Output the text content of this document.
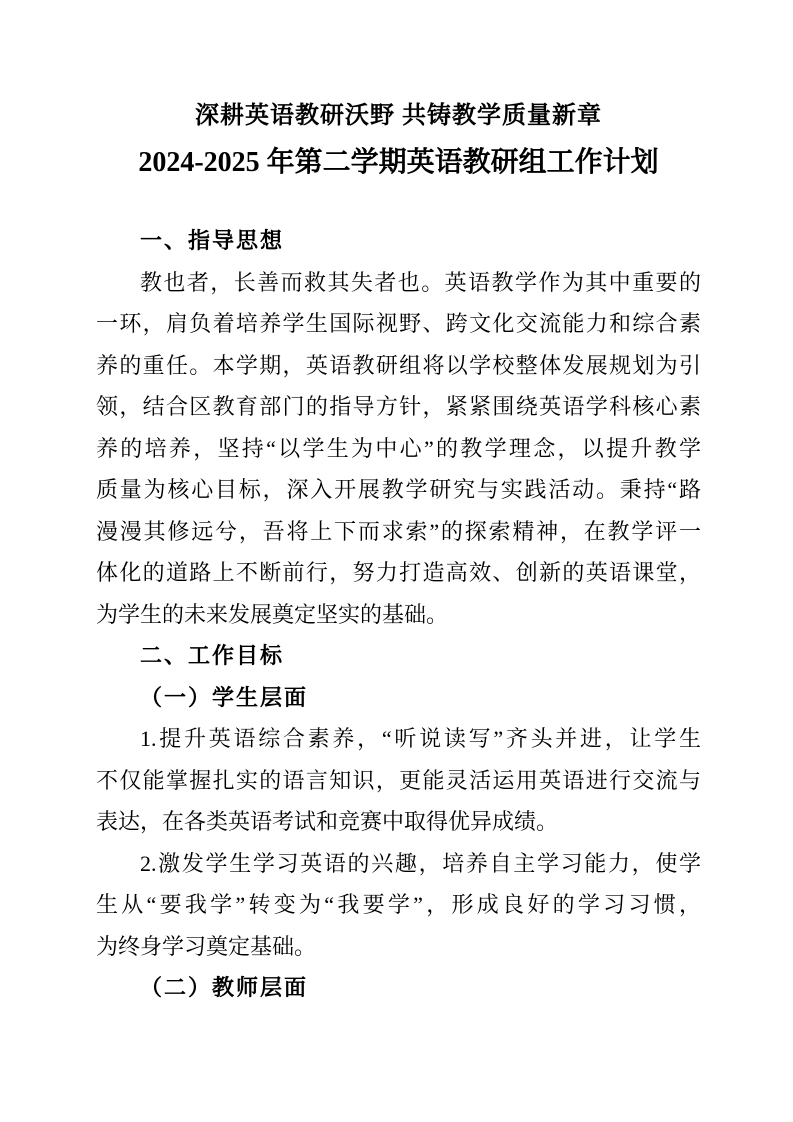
深耕英语教研沃野 共铸教学质量新章
2024-2025 年第二学期英语教研组工作计划
一、指导思想
教也者，长善而救其失者也。英语教学作为其中重要的
一环，肩负着培养学生国际视野、跨文化交流能力和综合素
养的重任。本学期，英语教研组将以学校整体发展规划为引
领，结合区教育部门的指导方针，紧紧围绕英语学科核心素
养的培养，坚持“以学生为中心”的教学理念，以提升教学
质量为核心目标，深入开展教学研究与实践活动。秉持“路
漫漫其修远兮，吾将上下而求索”的探索精神，在教学评一
体化的道路上不断前行，努力打造高效、创新的英语课堂，
为学生的未来发展奠定坚实的基础。
二、工作目标
（一）学生层面
1.提升英语综合素养，“听说读写”齐头并进，让学生
不仅能掌握扎实的语言知识，更能灵活运用英语进行交流与
表达，在各类英语考试和竞赛中取得优异成绩。
2.激发学生学习英语的兴趣，培养自主学习能力，使学
生从“要我学”转变为“我要学”，形成良好的学习习惯，
为终身学习奠定基础。
（二）教师层面
